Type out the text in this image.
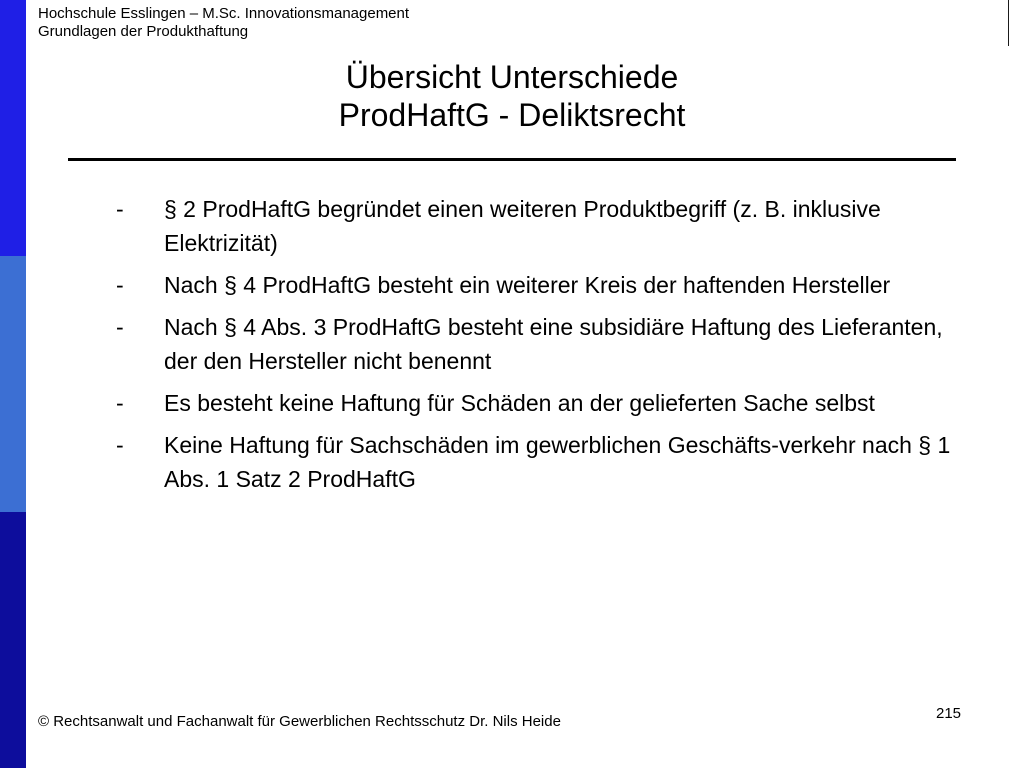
Hochschule Esslingen – M.Sc. Innovationsmanagement
Grundlagen der Produkthaftung
Übersicht Unterschiede
ProdHaftG - Deliktsrecht
- § 2 ProdHaftG begründet einen weiteren Produktbegriff (z. B. inklusive Elektrizität)
- Nach § 4 ProdHaftG besteht ein weiterer Kreis der haftenden Hersteller
- Nach § 4 Abs. 3 ProdHaftG besteht eine subsidiäre Haftung des Lieferanten, der den Hersteller nicht benennt
- Es besteht keine Haftung für Schäden an der gelieferten Sache selbst
- Keine Haftung für Sachschäden im gewerblichen Geschäfts-verkehr nach § 1 Abs. 1 Satz 2 ProdHaftG
215
© Rechtsanwalt und Fachanwalt für Gewerblichen Rechtsschutz Dr. Nils Heide
